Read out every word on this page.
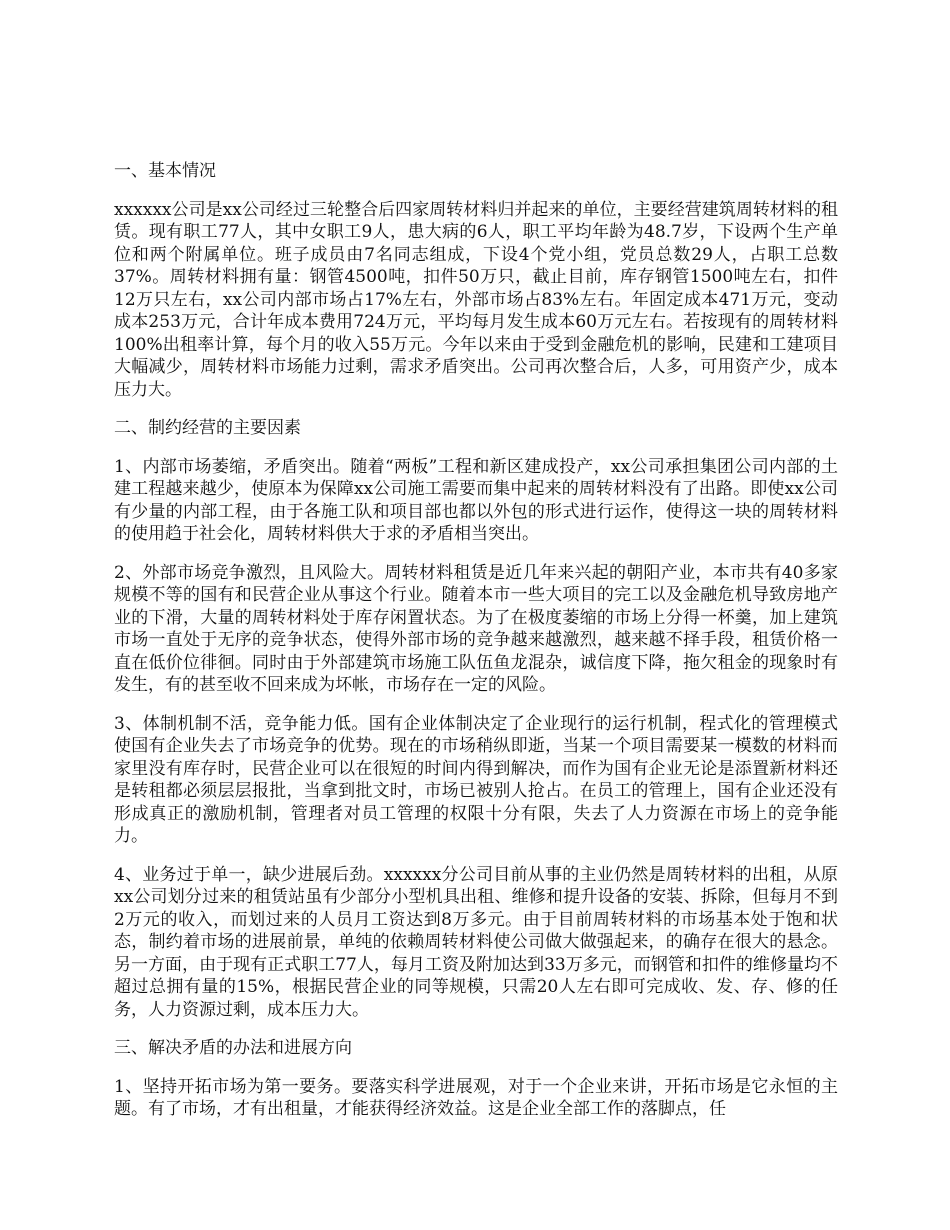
一、基本情况

xxxxxx公司是xx公司经过三轮整合后四家周转材料归并起来的单位，主要经营建筑周转材料的租赁。现有职工77人，其中女职工9人，患大病的6人，职工平均年龄为48.7岁，下设两个生产单位和两个附属单位。班子成员由7名同志组成，下设4个党小组，党员总数29人，占职工总数37%。周转材料拥有量：钢管4500吨，扣件50万只，截止目前，库存钢管1500吨左右，扣件12万只左右，xx公司内部市场占17%左右，外部市场占83%左右。年固定成本471万元，变动成本253万元，合计年成本费用724万元，平均每月发生成本60万元左右。若按现有的周转材料100%出租率计算，每个月的收入55万元。今年以来由于受到金融危机的影响，民建和工建项目大幅减少，周转材料市场能力过剩，需求矛盾突出。公司再次整合后，人多，可用资产少，成本压力大。

二、制约经营的主要因素

1、内部市场萎缩，矛盾突出。随着“两板”工程和新区建成投产，xx公司承担集团公司内部的土建工程越来越少，使原本为保障xx公司施工需要而集中起来的周转材料没有了出路。即使xx公司有少量的内部工程，由于各施工队和项目部也都以外包的形式进行运作，使得这一块的周转材料的使用趋于社会化，周转材料供大于求的矛盾相当突出。

2、外部市场竞争激烈，且风险大。周转材料租赁是近几年来兴起的朝阳产业，本市共有40多家规模不等的国有和民营企业从事这个行业。随着本市一些大项目的完工以及金融危机导致房地产业的下滑，大量的周转材料处于库存闲置状态。为了在极度萎缩的市场上分得一杯羹，加上建筑市场一直处于无序的竞争状态，使得外部市场的竞争越来越激烈，越来越不择手段，租赁价格一直在低价位徘徊。同时由于外部建筑市场施工队伍鱼龙混杂，诚信度下降，拖欠租金的现象时有发生，有的甚至收不回来成为坏帐，市场存在一定的风险。

3、体制机制不活，竞争能力低。国有企业体制决定了企业现行的运行机制，程式化的管理模式使国有企业失去了市场竞争的优势。现在的市场稍纵即逝，当某一个项目需要某一模数的材料而家里没有库存时，民营企业可以在很短的时间内得到解决，而作为国有企业无论是添置新材料还是转租都必须层层报批，当拿到批文时，市场已被别人抢占。在员工的管理上，国有企业还没有形成真正的激励机制，管理者对员工管理的权限十分有限，失去了人力资源在市场上的竞争能力。

4、业务过于单一，缺少进展后劲。xxxxxx分公司目前从事的主业仍然是周转材料的出租，从原xx公司划分过来的租赁站虽有少部分小型机具出租、维修和提升设备的安装、拆除，但每月不到2万元的收入，而划过来的人员月工资达到8万多元。由于目前周转材料的市场基本处于饱和状态，制约着市场的进展前景，单纯的依赖周转材料使公司做大做强起来，的确存在很大的悬念。另一方面，由于现有正式职工77人，每月工资及附加达到33万多元，而钢管和扣件的维修量均不超过总拥有量的15%，根据民营企业的同等规模，只需20人左右即可完成收、发、存、修的任务，人力资源过剩，成本压力大。

三、解决矛盾的办法和进展方向

1、坚持开拓市场为第一要务。要落实科学进展观，对于一个企业来讲，开拓市场是它永恒的主题。有了市场，才有出租量，才能获得经济效益。这是企业全部工作的落脚点，任
